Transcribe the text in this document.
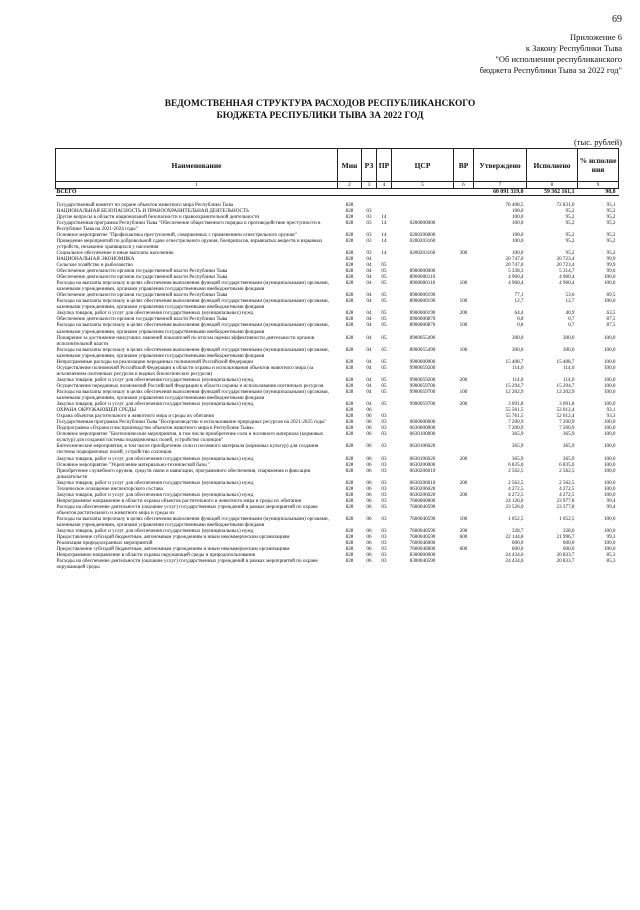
69
Приложение 6
к Закону Республики Тыва
"Об исполнении республиканского
бюджета Республики Тыва за 2022 год"
ВЕДОМСТВЕННАЯ СТРУКТУРА РАСХОДОВ РЕСПУБЛИКАНСКОГО
БЮДЖЕТА РЕСПУБЛИКИ ТЫВА ЗА 2022 ГОД
(тыс. рублей)
Наименование	Мин	РЗ	ПР	ЦСР	ВР	Утверждено	Исполнено	% исполне ния
1	2	3	4	5	6	7	8	9
ВСЕГО						60 091 319,0	59 362 161,1	98,8

Государственный комитет по охране объектов животного мира Республики Тыва	828					76 408,5	72 831,0	95,1
НАЦИОНАЛЬНАЯ БЕЗОПАСНОСТЬ И ПРАВООХРАНИТЕЛЬНАЯ ДЕЯТЕЛЬНОСТЬ	828	03				100,0	95,2	95,2
Другие вопросы в области национальной безопасности и правоохранительной деятельности	828	03	14			100,0	95,2	95,2
Государственная программа Республики Тыва "Обеспечение общественного порядка и противодействие преступности в Республике Тыва на 2021-2024 годы"	828	03	14	0200000000		100,0	95,2	95,2
Основное мероприятие "Профилактика преступлений, совершенных с применением огнестрельного оружия"	828	03	14	0200200000		100,0	95,2	95,2
Проведение мероприятий по добровольной сдаче огнестрельного оружия, боеприпасов, взрывчатых веществ и взрывных устройств, незаконно хранящихся у населения	828	03	14	0200203160		100,0	95,2	95,2
Социальное обеспечение и иные выплаты населению	828	03	14	0200203160	300	100,0	95,2	95,2
НАЦИОНАЛЬНАЯ ЭКОНОМИКА	828	04				20 747,0	20 723,4	99,9
Сельское хозяйство и рыболовство	828	04	05			20 747,0	20 723,4	99,9
Обеспечение деятельности органов государственной власти Республики Тыва	828	04	05	8900000000		5 338,3	5 314,7	99,6
Обеспечение деятельности органов государственной власти Республики Тыва	828	04	05	8900000110		4 960,4	4 960,4	100,0
Расходы на выплаты персоналу в целях обеспечения выполнения функций государственными (муниципальными) органами, казенными учреждениями, органами управления государственными внебюджетными фондами	828	04	05	8900000110	100	4 960,4	4 960,4	100,0
Обеспечение деятельности органов государственной власти Республики Тыва	828	04	05	8900000190		77,1	53,6	69,5
Расходы на выплаты персоналу в целях обеспечения выполнения функций государственными (муниципальными) органами, казенными учреждениями, органами управления государственными внебюджетными фондами	828	04	05	8900000190	100	12,7	12,7	100,0
Закупка товаров, работ и услуг для обеспечения государственных (муниципальных) нужд	828	04	05	8900000190	200	64,4	40,9	63,5
Обеспечение деятельности органов государственной власти Республики Тыва	828	04	05	8900000870		0,8	0,7	87,5
Расходы на выплаты персоналу в целях обеспечения выполнения функций государственными (муниципальными) органами, казенными учреждениями, органами управления государственными внебюджетными фондами	828	04	05	8900000870	100	0,8	0,7	87,5
Поощрение за достижение наилучших значений показателей по итогам оценки эффективности деятельности органов исполнительной власти	828	04	05	8900055490		300,0	300,0	100,0
Расходы на выплаты персоналу в целях обеспечения выполнения функций государственными (муниципальными) органами, казенными учреждениями, органами управления государственными внебюджетными фондами	828	04	05	8900055490	100	300,0	300,0	100,0
Непрограммные расходы на реализацию переданных полномочий Российской Федерации	828	04	05	9900000000		15 408,7	15 408,7	100,0
Осуществление полномочий Российской Федерации в области охраны и использования объектов животного мира (за исключением охотничьих ресурсов и водных биологических ресурсов)	828	04	05	9900059200		114,0	114,0	100,0
Закупка товаров, работ и услуг для обеспечения государственных (муниципальных) нужд	828	04	05	9900059200	200	114,0	114,0	100,0
Осуществление переданных полномочий Российской Федерации в области охраны и использования охотничьих ресурсов	828	04	05	9900059700		15 294,7	15 294,7	100,0
Расходы на выплаты персоналу в целях обеспечения выполнения функций государственными (муниципальными) органами, казенными учреждениями, органами управления государственными внебюджетными фондами	828	04	05	9900059700	100	12 202,9	12 202,9	100,0
Закупка товаров, работ и услуг для обеспечения государственных (муниципальных) нужд	828	04	05	9900059700	200	3 091,8	3 091,8	100,0
ОХРАНА ОКРУЖАЮЩЕЙ СРЕДЫ	828	06				55 561,5	52 012,4	93,1
Охрана объектов растительного и животного мира и среды их обитания	828	06	03			55 761,5	52 012,4	93,3
Государственная программа Республики Тыва "Воспроизводство и использование природных ресурсов на 2021-2025 годы"	828	06	03	0600000000		7 200,9	7 200,9	100,0
Подпрограмма «Охрана и воспроизводство объектов животного мира в Республике Тыва»	828	06	03	0630000000		7 200,9	7 200,9	100,0
Основное мероприятие "Биотехнические мероприятия, в том числе приобретение соли и посевного материала (кормовых культур) для создания системы подкормочных полей, устройство солонцов"	828	06	03	0630100000		365,9	365,9	100,0
Биотехнические мероприятия, в том числе приобретение соли и посевного материала (кормовых культур) для создания системы подкормочных полей, устройство солонцов	828	06	03	0630106020		365,9	365,9	100,0
Закупка товаров, работ и услуг для обеспечения государственных (муниципальных) нужд	828	06	03	0630106020	200	365,9	365,9	100,0
Основное мероприятие "Укрепление материально-технической базы "	828	06	03	0630200000		6 835,0	6 835,0	100,0
Приобретение служебного оружия, средств связи и навигации, программного обеспечения, снаряжения и фиксации доказательств	828	06	03	0630206010		2 562,5	2 562,5	100,0
Закупка товаров, работ и услуг для обеспечения государственных (муниципальных) нужд	828	06	03	0630206010	200	2 562,5	2 562,5	100,0
Техническое оснащение инспекторского состава	828	06	03	0630206020		4 272,5	4 272,5	100,0
Закупка товаров, работ и услуг для обеспечения государственных (муниципальных) нужд	828	06	03	0630206020	200	4 272,5	4 272,5	100,0
Непрограммное направление в области охраны объектов растительного и животного мира и среды их обитания	828	06	03	7600000000		24 126,0	23 977,8	99,4
Расходы на обеспечение деятельности (оказание услуг) государственных учреждений в рамках мероприятий по охране объектов растительного и животного мира и среды их	828	06	03	7600040590		23 526,0	23 377,8	99,4
Расходы на выплаты персоналу в целях обеспечения выполнения функций государственными (муниципальными) органами, казенными учреждениями, органами управления государственными внебюджетными фондами	828	06	03	7600040590	100	1 052,5	1 052,5	100,0
Закупка товаров, работ и услуг для обеспечения государственных (муниципальных) нужд	828	06	03	7600040590	200	328,7	328,6	100,0
Предоставление субсидий бюджетным, автономным учреждениям и иным некоммерческим организациям	828	06	03	7600040590	600	22 144,8	21 996,7	99,3
Реализация природоохранных мероприятий	828	06	03	7600046000		600,0	600,0	100,0
Предоставление субсидий бюджетным, автономным учреждениям и иным некоммерческим организациям	828	06	03	7600046000	600	600,0	600,0	100,0
Непрограммное направление в области охраны окружающей среды и природопользования	828	06	03	8300000000		24 434,6	20 833,7	85,3
Расходы на обеспечение деятельности (оказание услуг) государственных учреждений в рамках мероприятий по охране окружающей среды	828	06	03	8300040590		24 434,6	20 833,7	85,3
